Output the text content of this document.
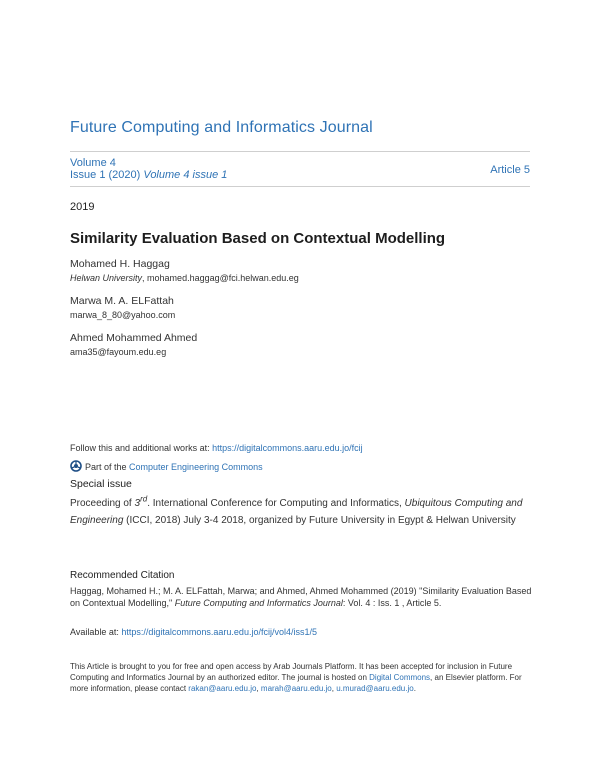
Future Computing and Informatics Journal
Volume 4
Issue 1 (2020) Volume 4 issue 1	Article 5
2019
Similarity Evaluation Based on Contextual Modelling
Mohamed H. Haggag
Helwan University, mohamed.haggag@fci.helwan.edu.eg
Marwa M. A. ELFattah
marwa_8_80@yahoo.com
Ahmed Mohammed Ahmed
ama35@fayoum.edu.eg
Follow this and additional works at: https://digitalcommons.aaru.edu.jo/fcij
Part of the Computer Engineering Commons
Special issue
Proceeding of 3rd. International Conference for Computing and Informatics, Ubiquitous Computing and Engineering (ICCI, 2018) July 3-4 2018, organized by Future University in Egypt & Helwan University
Recommended Citation
Haggag, Mohamed H.; M. A. ELFattah, Marwa; and Ahmed, Ahmed Mohammed (2019) "Similarity Evaluation Based on Contextual Modelling," Future Computing and Informatics Journal: Vol. 4 : Iss. 1 , Article 5.
Available at: https://digitalcommons.aaru.edu.jo/fcij/vol4/iss1/5
This Article is brought to you for free and open access by Arab Journals Platform. It has been accepted for inclusion in Future Computing and Informatics Journal by an authorized editor. The journal is hosted on Digital Commons, an Elsevier platform. For more information, please contact rakan@aaru.edu.jo, marah@aaru.edu.jo, u.murad@aaru.edu.jo.
